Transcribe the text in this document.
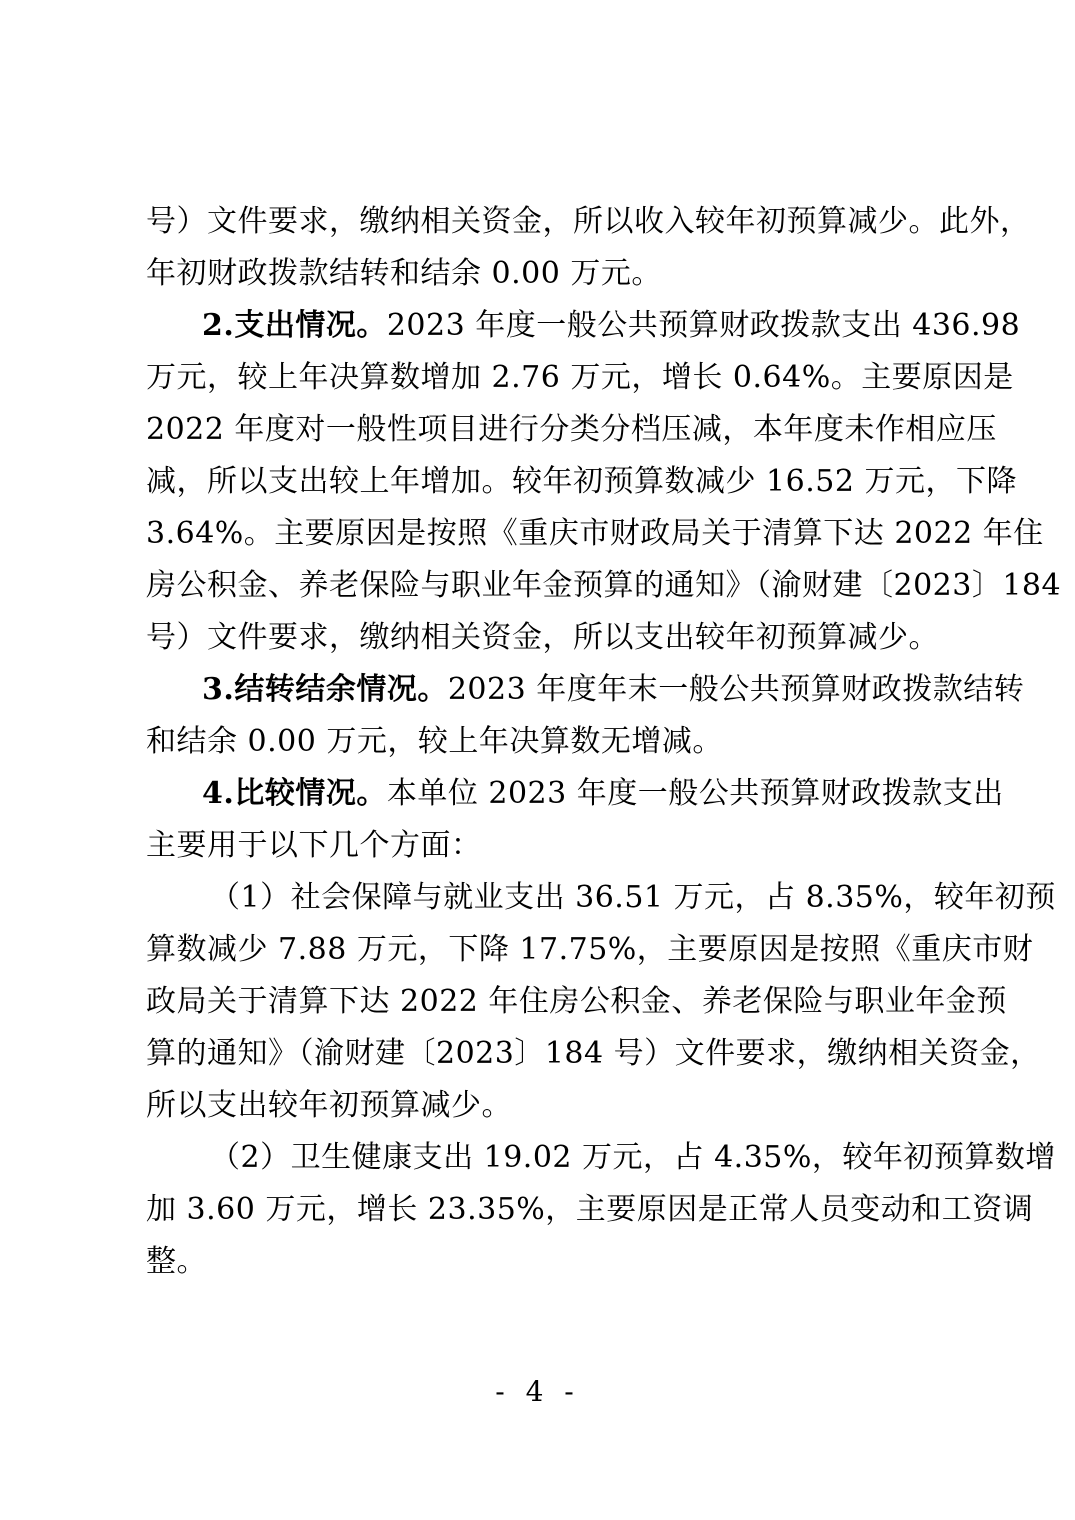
号）文件要求，缴纳相关资金，所以收入较年初预算减少。此外，
年初财政拨款结转和结余 0.00 万元。
2.支出情况。2023 年度一般公共预算财政拨款支出 436.98
万元，较上年决算数增加 2.76 万元，增长 0.64%。主要原因是
2022 年度对一般性项目进行分类分档压减，本年度未作相应压
减，所以支出较上年增加。较年初预算数减少 16.52 万元，下降
3.64%。主要原因是按照《重庆市财政局关于清算下达 2022 年住
房公积金、养老保险与职业年金预算的通知》（渝财建〔2023〕184
号）文件要求，缴纳相关资金，所以支出较年初预算减少。
3.结转结余情况。2023 年度年末一般公共预算财政拨款结转
和结余 0.00 万元，较上年决算数无增减。
4.比较情况。本单位 2023 年度一般公共预算财政拨款支出
主要用于以下几个方面：
（1）社会保障与就业支出 36.51 万元，占 8.35%，较年初预
算数减少 7.88 万元，下降 17.75%，主要原因是按照《重庆市财
政局关于清算下达 2022 年住房公积金、养老保险与职业年金预
算的通知》（渝财建〔2023〕184 号）文件要求，缴纳相关资金，
所以支出较年初预算减少。
（2）卫生健康支出 19.02 万元，占 4.35%，较年初预算数增
加 3.60 万元，增长 23.35%，主要原因是正常人员变动和工资调
整。
- 4 -
